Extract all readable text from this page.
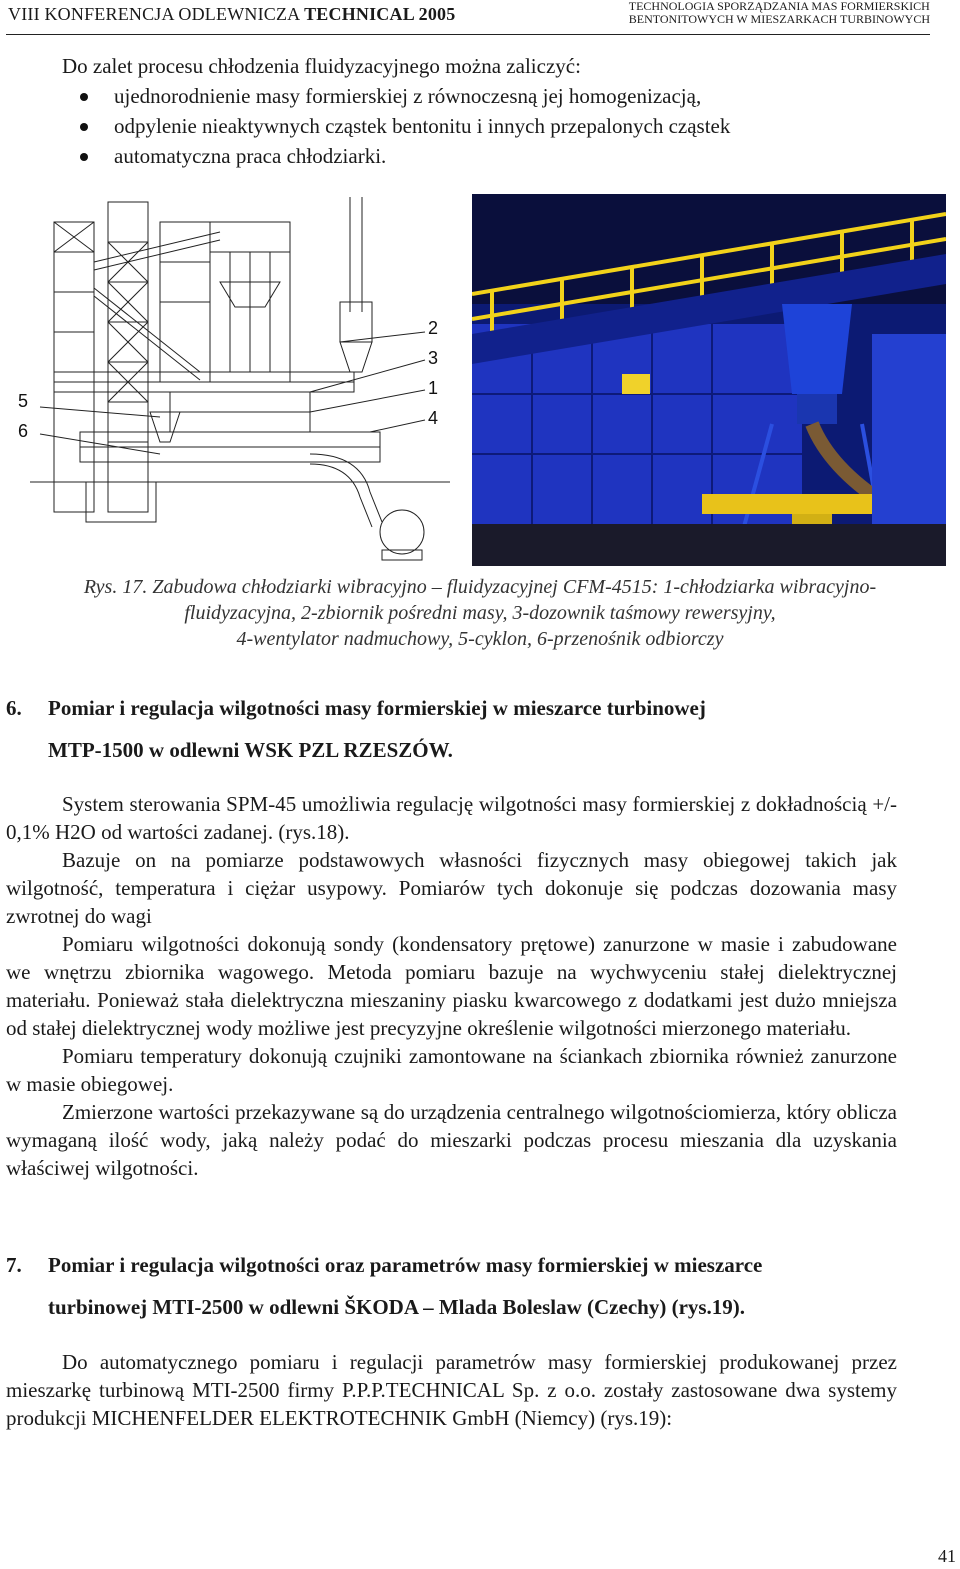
VIII KONFERENCJA ODLEWNICZA TECHNICAL 2005	TECHNOLOGIA SPORZĄDZANIA MAS FORMIERSKICH
BENTONITOWYCH W MIESZARKACH TURBINOWYCH
Do zalet procesu chłodzenia fluidyzacyjnego można zaliczyć:
ujednorodnienie masy formierskiej z równoczesną jej homogenizacją,
odpylenie nieaktywnych cząstek bentonitu i innych przepalonych cząstek
automatyczna praca chłodziarki.
2
3
1
4
5
6
Rys. 17. Zabudowa chłodziarki wibracyjno – fluidyzacyjnej CFM-4515: 1-chłodziarka wibracyjno-
fluidyzacyjna, 2-zbiornik pośredni masy, 3-dozownik taśmowy rewersyjny,
4-wentylator nadmuchowy, 5-cyklon, 6-przenośnik odbiorczy
6. Pomiar i regulacja wilgotności masy formierskiej w mieszarce turbinowej
MTP-1500 w odlewni WSK PZL RZESZÓW.

System sterowania SPM-45 umożliwia regulację wilgotności masy formierskiej z dokładnością +/- 0,1% H2O od wartości zadanej. (rys.18).

Bazuje on na pomiarze podstawowych własności fizycznych masy obiegowej takich jak wilgotność, temperatura i ciężar usypowy. Pomiarów tych dokonuje się podczas dozowania masy zwrotnej do wagi

Pomiaru wilgotności dokonują sondy (kondensatory prętowe) zanurzone w masie i zabudowane we wnętrzu zbiornika wagowego. Metoda pomiaru bazuje na wychwyceniu stałej dielektrycznej materiału. Ponieważ stała dielektryczna mieszaniny piasku kwarcowego z dodatkami jest dużo mniejsza od stałej dielektrycznej wody możliwe jest precyzyjne określenie wilgotności mierzonego materiału.

Pomiaru temperatury dokonują czujniki zamontowane na ściankach zbiornika również zanurzone w masie obiegowej.

Zmierzone wartości przekazywane są do urządzenia centralnego wilgotnościomierza, który oblicza wymaganą ilość wody, jaką należy podać do mieszarki podczas procesu mieszania dla uzyskania właściwej wilgotności.

7. Pomiar i regulacja wilgotności oraz parametrów masy formierskiej w mieszarce
turbinowej MTI-2500 w odlewni ŠKODA – Mlada Boleslaw (Czechy) (rys.19).

Do automatycznego pomiaru i regulacji parametrów masy formierskiej produkowanej przez mieszarkę turbinową MTI-2500 firmy P.P.P.TECHNICAL Sp. z o.o. zostały zastosowane dwa systemy produkcji MICHENFELDER ELEKTROTECHNIK GmbH (Niemcy) (rys.19):

41
